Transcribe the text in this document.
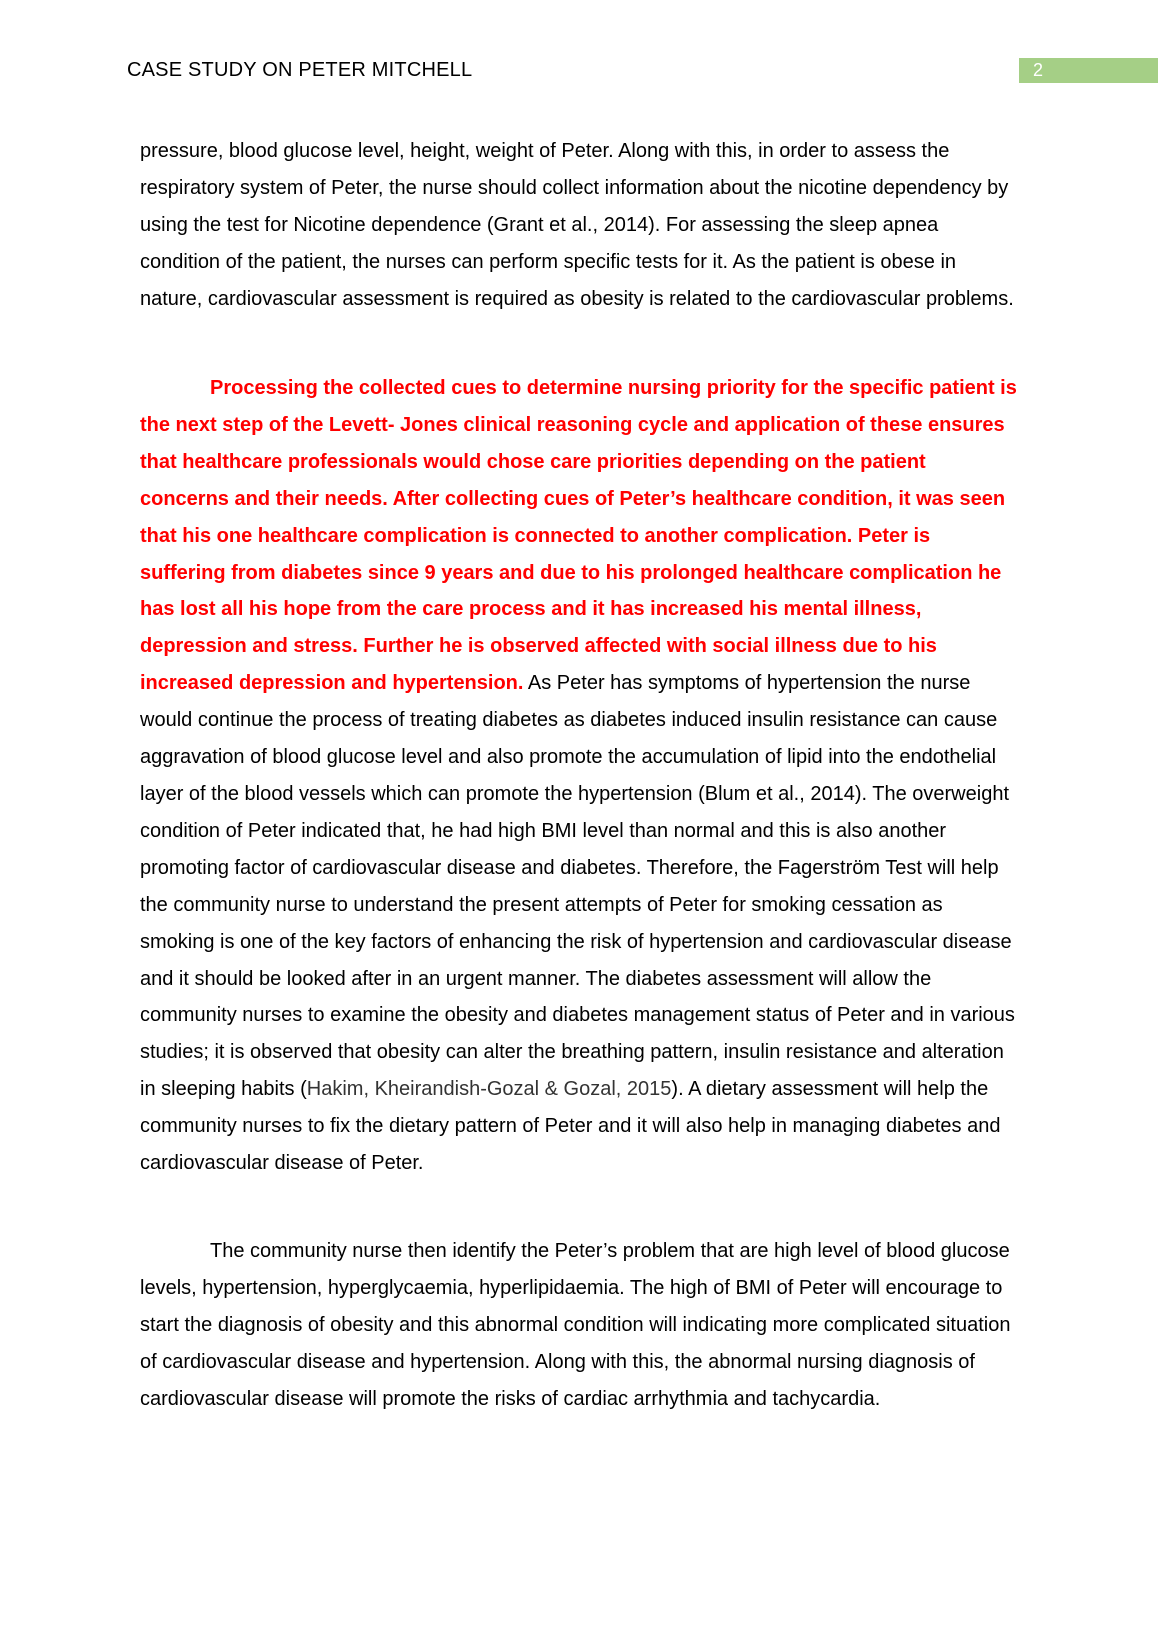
CASE STUDY ON PETER MITCHELL	2
pressure, blood glucose level, height, weight of Peter. Along with this, in order to assess the respiratory system of Peter, the nurse should collect information about the nicotine dependency by using the test for Nicotine dependence (Grant et al., 2014). For assessing the sleep apnea condition of the patient, the nurses can perform specific tests for it. As the patient is obese in nature, cardiovascular assessment is required as obesity is related to the cardiovascular problems.
Processing the collected cues to determine nursing priority for the specific patient is the next step of the Levett- Jones clinical reasoning cycle and application of these ensures that healthcare professionals would chose care priorities depending on the patient concerns and their needs. After collecting cues of Peter’s healthcare condition, it was seen that his one healthcare complication is connected to another complication. Peter is suffering from diabetes since 9 years and due to his prolonged healthcare complication he has lost all his hope from the care process and it has increased his mental illness, depression and stress. Further he is observed affected with social illness due to his increased depression and hypertension. As Peter has symptoms of hypertension the nurse would continue the process of treating diabetes as diabetes induced insulin resistance can cause aggravation of blood glucose level and also promote the accumulation of lipid into the endothelial layer of the blood vessels which can promote the hypertension (Blum et al., 2014). The overweight condition of Peter indicated that, he had high BMI level than normal and this is also another promoting factor of cardiovascular disease and diabetes. Therefore, the Fagerström Test will help the community nurse to understand the present attempts of Peter for smoking cessation as smoking is one of the key factors of enhancing the risk of hypertension and cardiovascular disease and it should be looked after in an urgent manner. The diabetes assessment will allow the community nurses to examine the obesity and diabetes management status of Peter and in various studies; it is observed that obesity can alter the breathing pattern, insulin resistance and alteration in sleeping habits (Hakim, Kheirandish-Gozal & Gozal, 2015). A dietary assessment will help the community nurses to fix the dietary pattern of Peter and it will also help in managing diabetes and cardiovascular disease of Peter.
The community nurse then identify the Peter’s problem that are high level of blood glucose levels, hypertension, hyperglycaemia, hyperlipidaemia. The high of BMI of Peter will encourage to start the diagnosis of obesity and this abnormal condition will indicating more complicated situation of cardiovascular disease and hypertension. Along with this, the abnormal nursing diagnosis of cardiovascular disease will promote the risks of cardiac arrhythmia and tachycardia.
